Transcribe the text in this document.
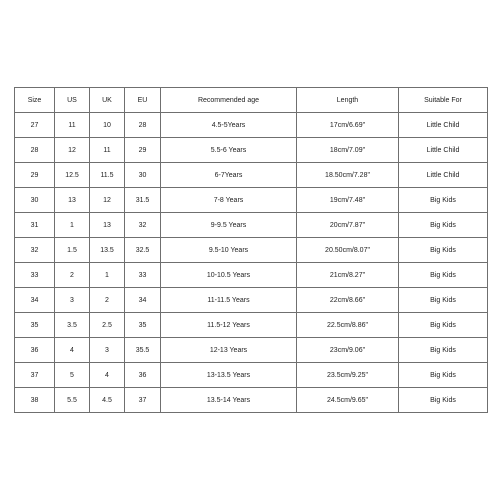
Size	US	UK	EU	Recommended age	Length	Suitable For
27	11	10	28	4.5-5Years	17cm/6.69"	Little Child
28	12	11	29	5.5-6 Years	18cm/7.09"	Little Child
29	12.5	11.5	30	6-7Years	18.50cm/7.28"	Little Child
30	13	12	31.5	7-8 Years	19cm/7.48"	Big Kids
31	1	13	32	9-9.5 Years	20cm/7.87"	Big Kids
32	1.5	13.5	32.5	9.5-10 Years	20.50cm/8.07"	Big Kids
33	2	1	33	10-10.5 Years	21cm/8.27"	Big Kids
34	3	2	34	11-11.5 Years	22cm/8.66"	Big Kids
35	3.5	2.5	35	11.5-12 Years	22.5cm/8.86"	Big Kids
36	4	3	35.5	12-13 Years	23cm/9.06"	Big Kids
37	5	4	36	13-13.5 Years	23.5cm/9.25"	Big Kids
38	5.5	4.5	37	13.5-14 Years	24.5cm/9.65"	Big Kids
